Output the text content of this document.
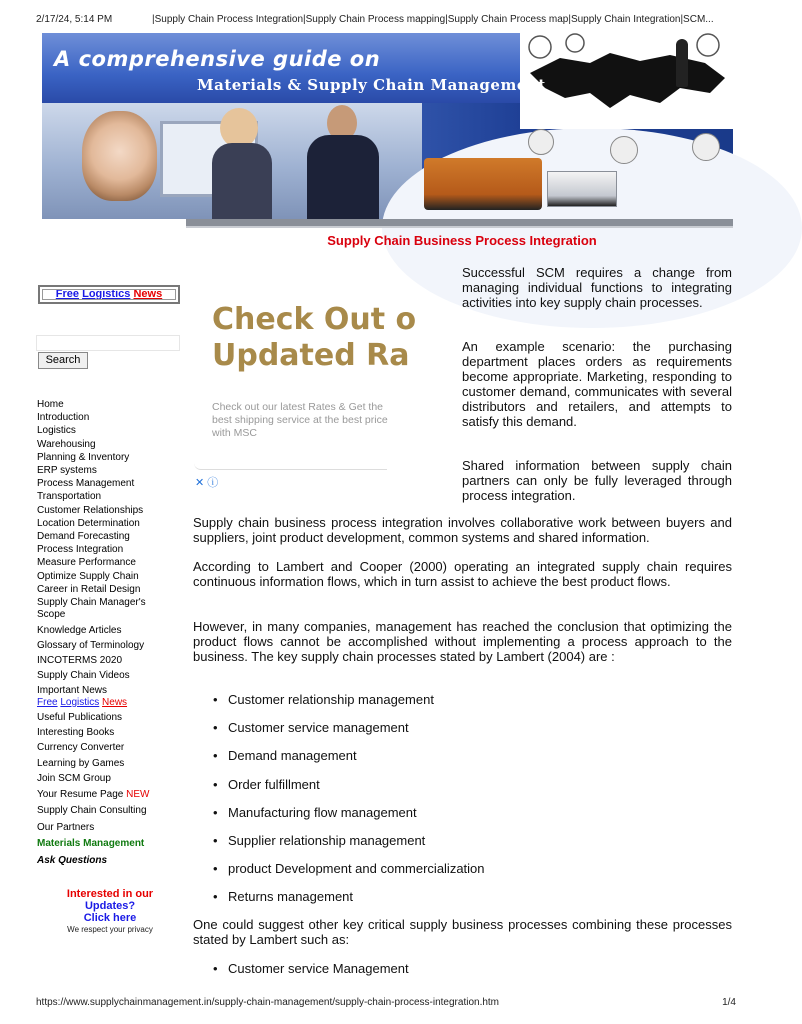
2/17/24, 5:14 PM	|Supply Chain Process Integration|Supply Chain Process mapping|Supply Chain Process map|Supply Chain Integration|SCM...
A comprehensive guide on
Materials & Supply Chain Management
Supply Chain Business Process Integration
Free Logistics News
Search
Home
Introduction
Logistics
Warehousing
Planning & Inventory
ERP systems
Process Management
Transportation
Customer Relationships
Location Determination
Demand Forecasting
Process Integration
Measure Performance
Optimize Supply Chain
Career in Retail Design
Supply Chain Manager's Scope
Knowledge Articles
Glossary of Terminology
INCOTERMS 2020
Supply Chain Videos
Important News
Free Logistics News
Useful Publications
Interesting Books
Currency Converter
Learning by Games
Join SCM Group
Your Resume Page NEW
Supply Chain Consulting
Our Partners
Materials Management
Ask Questions
Interested in our
Updates?
Click here
We respect your privacy
Check Out o
Updated Ra
Check out our latest Rates & Get the best shipping service at the best price with MSC
✕ ⓘ
Successful SCM requires a change from managing individual functions to integrating activities into key supply chain processes.
An example scenario: the purchasing department places orders as requirements become appropriate. Marketing, responding to customer demand, communicates with several distributors and retailers, and attempts to satisfy this demand.
Shared information between supply chain partners can only be fully leveraged through process integration.
Supply chain business process integration involves collaborative work between buyers and suppliers, joint product development, common systems and shared information.
According to Lambert and Cooper (2000) operating an integrated supply chain requires continuous information flows, which in turn assist to achieve the best product flows.
However, in many companies, management has reached the conclusion that optimizing the product flows cannot be accomplished without implementing a process approach to the business. The key supply chain processes stated by Lambert (2004) are :
• Customer relationship management
• Customer service management
• Demand management
• Order fulfillment
• Manufacturing flow management
• Supplier relationship management
• product Development and commercialization
• Returns management
One could suggest other key critical supply business processes combining these processes stated by Lambert such as:
• Customer service Management
https://www.supplychainmanagement.in/supply-chain-management/supply-chain-process-integration.htm	1/4
